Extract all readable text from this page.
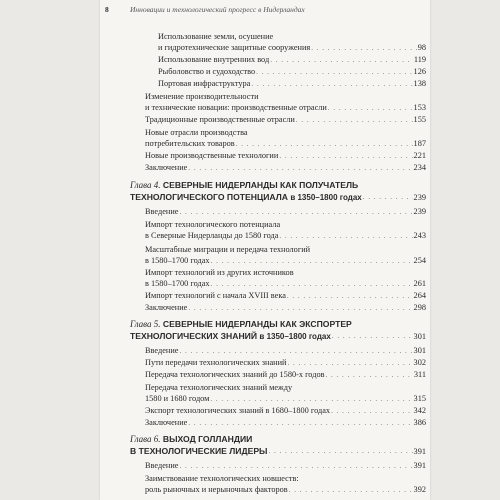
8	Инновации и технологический прогресс в Нидерландах
Использование земли, осушение
и гидротехнические защитные сооружения . . .	98
Использование внутренних вод . . .	119
Рыболовство и судоходство . . .	126
Портовая инфраструктура . . .	138
Изменение производительности
и технические новации: производственные отрасли . . .	153
Традиционные производственные отрасли . . .	155
Новые отрасли производства
потребительских товаров . . .	187
Новые производственные технологии . . .	221
Заключение . . .	234
Глава 4. СЕВЕРНЫЕ НИДЕРЛАНДЫ КАК ПОЛУЧАТЕЛЬ
ТЕХНОЛОГИЧЕСКОГО ПОТЕНЦИАЛА в 1350–1800 годах . . .	239
Введение . . .	239
Импорт технологического потенциала
в Северные Нидерланды до 1580 года . . .	243
Масштабные миграции и передача технологий
в 1580–1700 годах . . .	254
Импорт технологий из других источников
в 1580–1700 годах . . .	261
Импорт технологий с начала XVIII века . . .	264
Заключение . . .	298
Глава 5. СЕВЕРНЫЕ НИДЕРЛАНДЫ КАК ЭКСПОРТЕР
ТЕХНОЛОГИЧЕСКИХ ЗНАНИЙ в 1350–1800 годах . . .	301
Введение . . .	301
Пути передачи технологических знаний . . .	302
Передача технологических знаний до 1580-х годов . . .	311
Передача технологических знаний между
1580 и 1680 годом . . .	315
Экспорт технологических знаний в 1680–1800 годах . . .	342
Заключение . . .	386
Глава 6. ВЫХОД ГОЛЛАНДИИ
В ТЕХНОЛОГИЧЕСКИЕ ЛИДЕРЫ . . .	391
Введение . . .	391
Заимствование технологических новшеств:
роль рыночных и нерыночных факторов . . .	392
